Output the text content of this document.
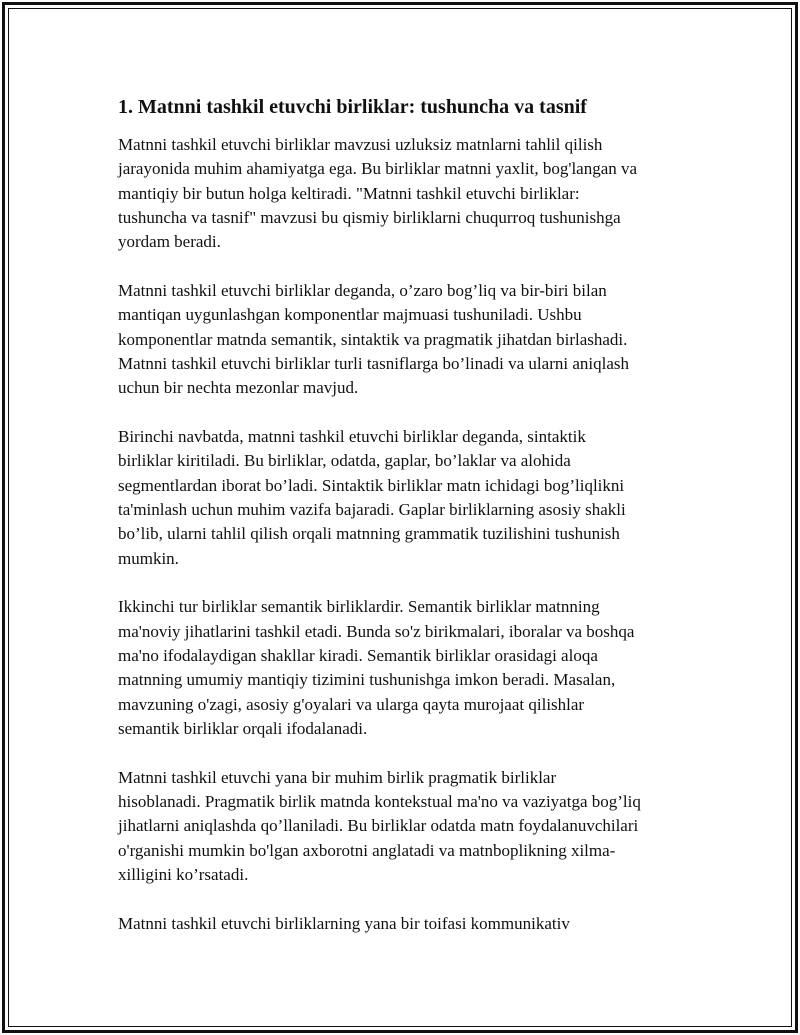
1. Matnni tashkil etuvchi birliklar: tushuncha va tasnif

Matnni tashkil etuvchi birliklar mavzusi uzluksiz matnlarni tahlil qilish
jarayonida muhim ahamiyatga ega. Bu birliklar matnni yaxlit, bog'langan va
mantiqiy bir butun holga keltiradi. "Matnni tashkil etuvchi birliklar:
tushuncha va tasnif" mavzusi bu qismiy birliklarni chuqurroq tushunishga
yordam beradi.

Matnni tashkil etuvchi birliklar deganda, o’zaro bog’liq va bir-biri bilan
mantiqan uygunlashgan komponentlar majmuasi tushuniladi. Ushbu
komponentlar matnda semantik, sintaktik va pragmatik jihatdan birlashadi.
Matnni tashkil etuvchi birliklar turli tasniflarga bo’linadi va ularni aniqlash
uchun bir nechta mezonlar mavjud.

Birinchi navbatda, matnni tashkil etuvchi birliklar deganda, sintaktik
birliklar kiritiladi. Bu birliklar, odatda, gaplar, bo’laklar va alohida
segmentlardan iborat bo’ladi. Sintaktik birliklar matn ichidagi bog’liqlikni
ta'minlash uchun muhim vazifa bajaradi. Gaplar birliklarning asosiy shakli
bo’lib, ularni tahlil qilish orqali matnning grammatik tuzilishini tushunish
mumkin.

Ikkinchi tur birliklar semantik birliklardir. Semantik birliklar matnning
ma'noviy jihatlarini tashkil etadi. Bunda so'z birikmalari, iboralar va boshqa
ma'no ifodalaydigan shakllar kiradi. Semantik birliklar orasidagi aloqa
matnning umumiy mantiqiy tizimini tushunishga imkon beradi. Masalan,
mavzuning o'zagi, asosiy g'oyalari va ularga qayta murojaat qilishlar
semantik birliklar orqali ifodalanadi.

Matnni tashkil etuvchi yana bir muhim birlik pragmatik birliklar
hisoblanadi. Pragmatik birlik matnda kontekstual ma'no va vaziyatga bog’liq
jihatlarni aniqlashda qo’llaniladi. Bu birliklar odatda matn foydalanuvchilari
o'rganishi mumkin bo'lgan axborotni anglatadi va matnboplikning xilma-
xilligini ko’rsatadi.

Matnni tashkil etuvchi birliklarning yana bir toifasi kommunikativ
